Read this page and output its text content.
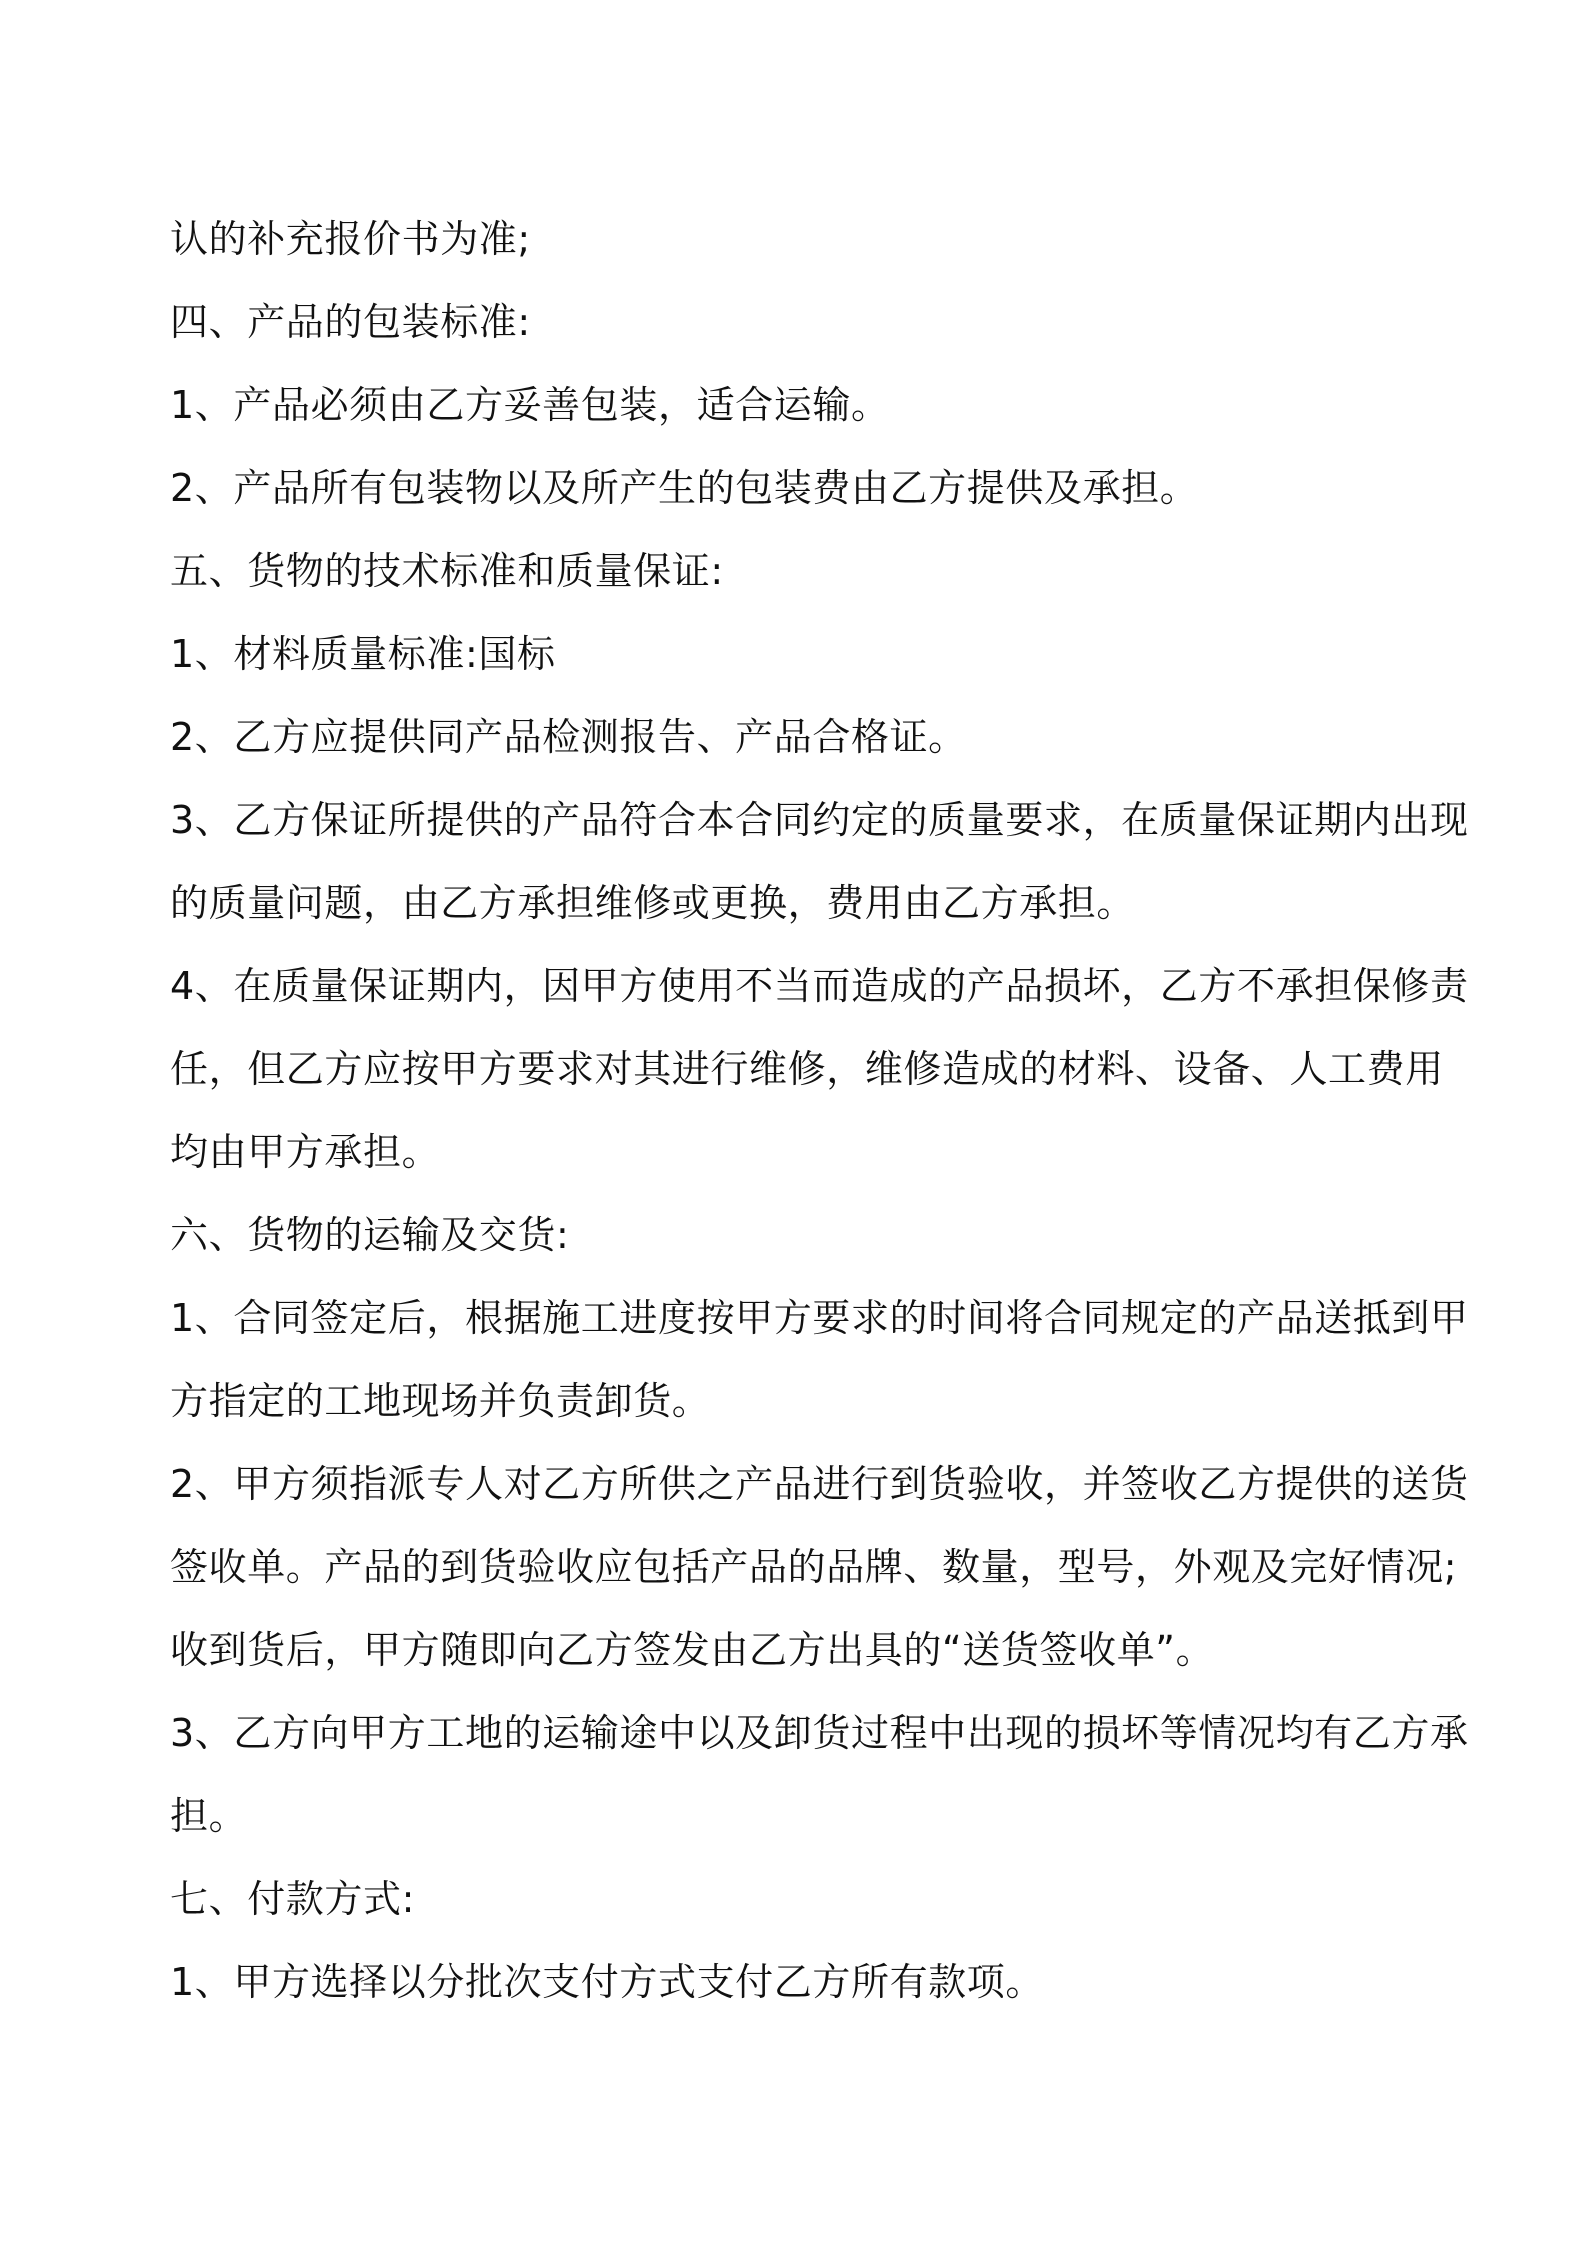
认的补充报价书为准;
四、产品的包装标准:
1、产品必须由乙方妥善包装，适合运输。
2、产品所有包装物以及所产生的包装费由乙方提供及承担。
五、货物的技术标准和质量保证:
1、材料质量标准:国标
2、乙方应提供同产品检测报告、产品合格证。
3、乙方保证所提供的产品符合本合同约定的质量要求，在质量保证期内出现
的质量问题，由乙方承担维修或更换，费用由乙方承担。
4、在质量保证期内，因甲方使用不当而造成的产品损坏，乙方不承担保修责
任，但乙方应按甲方要求对其进行维修，维修造成的材料、设备、人工费用
均由甲方承担。
六、货物的运输及交货:
1、合同签定后，根据施工进度按甲方要求的时间将合同规定的产品送抵到甲
方指定的工地现场并负责卸货。
2、甲方须指派专人对乙方所供之产品进行到货验收，并签收乙方提供的送货
签收单。产品的到货验收应包括产品的品牌、数量，型号，外观及完好情况;
收到货后，甲方随即向乙方签发由乙方出具的“送货签收单”。
3、乙方向甲方工地的运输途中以及卸货过程中出现的损坏等情况均有乙方承
担。
七、付款方式:
1、甲方选择以分批次支付方式支付乙方所有款项。
